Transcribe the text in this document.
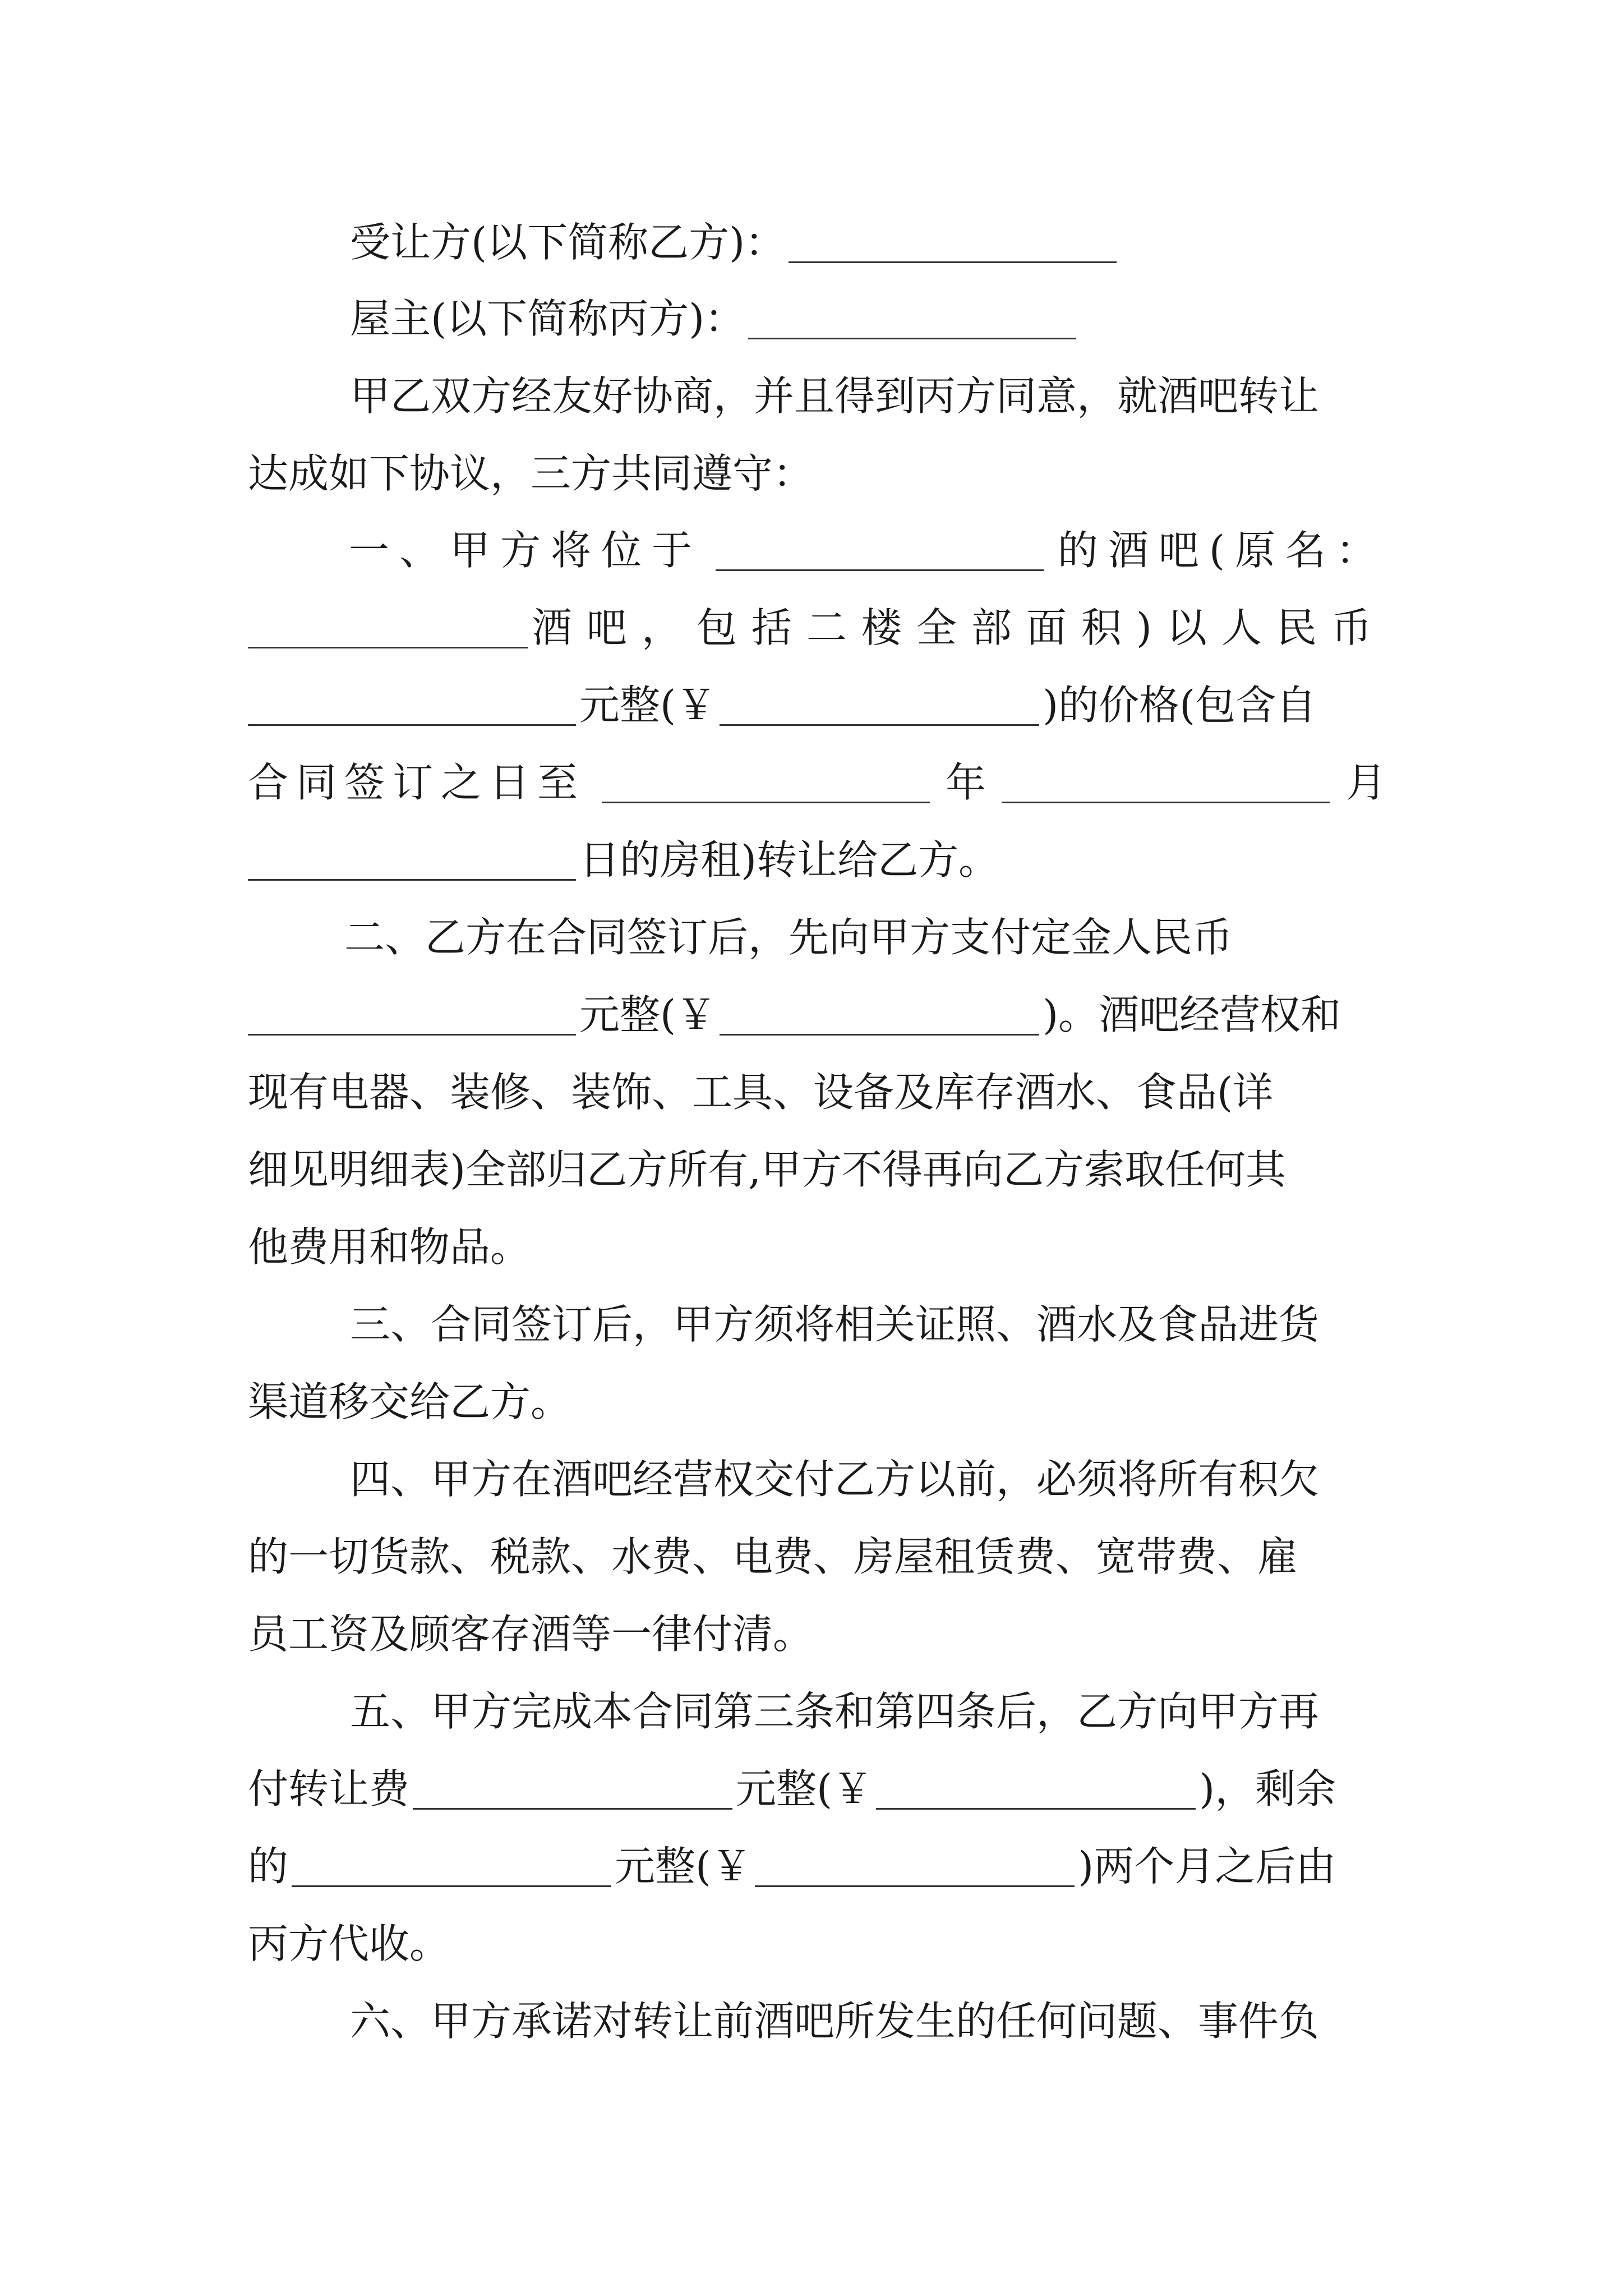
受让方(以下简称乙方)：
屋主(以下简称丙方)：
甲乙双方经友好协商，并且得到丙方同意，就酒吧转让
达成如下协议，三方共同遵守：
一、甲方将位于	的酒吧(原名：
酒吧，包括二楼全部面积)以人民币
元整(￥	)的价格(包含自
合同签订之日至	年	月
日的房租)转让给乙方。
二、乙方在合同签订后，先向甲方支付定金人民币
元整(￥	)。酒吧经营权和
现有电器、装修、装饰、工具、设备及库存酒水、食品(详
细见明细表)全部归乙方所有,甲方不得再向乙方索取任何其
他费用和物品。
三、合同签订后，甲方须将相关证照、酒水及食品进货
渠道移交给乙方。
四、甲方在酒吧经营权交付乙方以前，必须将所有积欠
的一切货款、税款、水费、电费、房屋租赁费、宽带费、雇
员工资及顾客存酒等一律付清。
五、甲方完成本合同第三条和第四条后，乙方向甲方再
付转让费	元整(￥	)，剩余
的	元整(￥	)两个月之后由
丙方代收。
六、甲方承诺对转让前酒吧所发生的任何问题、事件负
